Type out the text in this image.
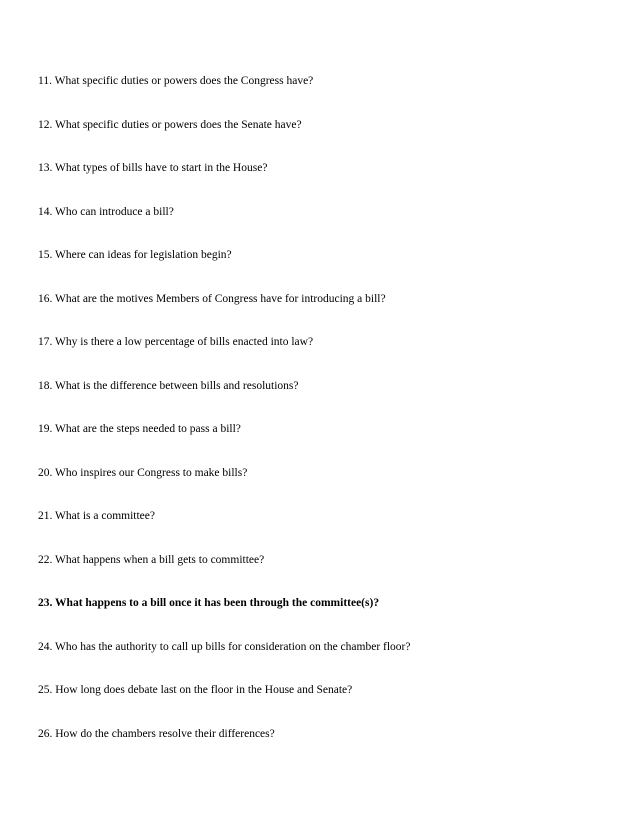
11. What specific duties or powers does the Congress have?
12. What specific duties or powers does the Senate have?
13. What types of bills have to start in the House?
14. Who can introduce a bill?
15. Where can ideas for legislation begin?
16. What are the motives Members of Congress have for introducing a bill?
17. Why is there a low percentage of bills enacted into law?
18. What is the difference between bills and resolutions?
19. What are the steps needed to pass a bill?
20. Who inspires our Congress to make bills?
21. What is a committee?
22. What happens when a bill gets to committee?
23. What happens to a bill once it has been through the committee(s)?
24. Who has the authority to call up bills for consideration on the chamber floor?
25. How long does debate last on the floor in the House and Senate?
26. How do the chambers resolve their differences?
